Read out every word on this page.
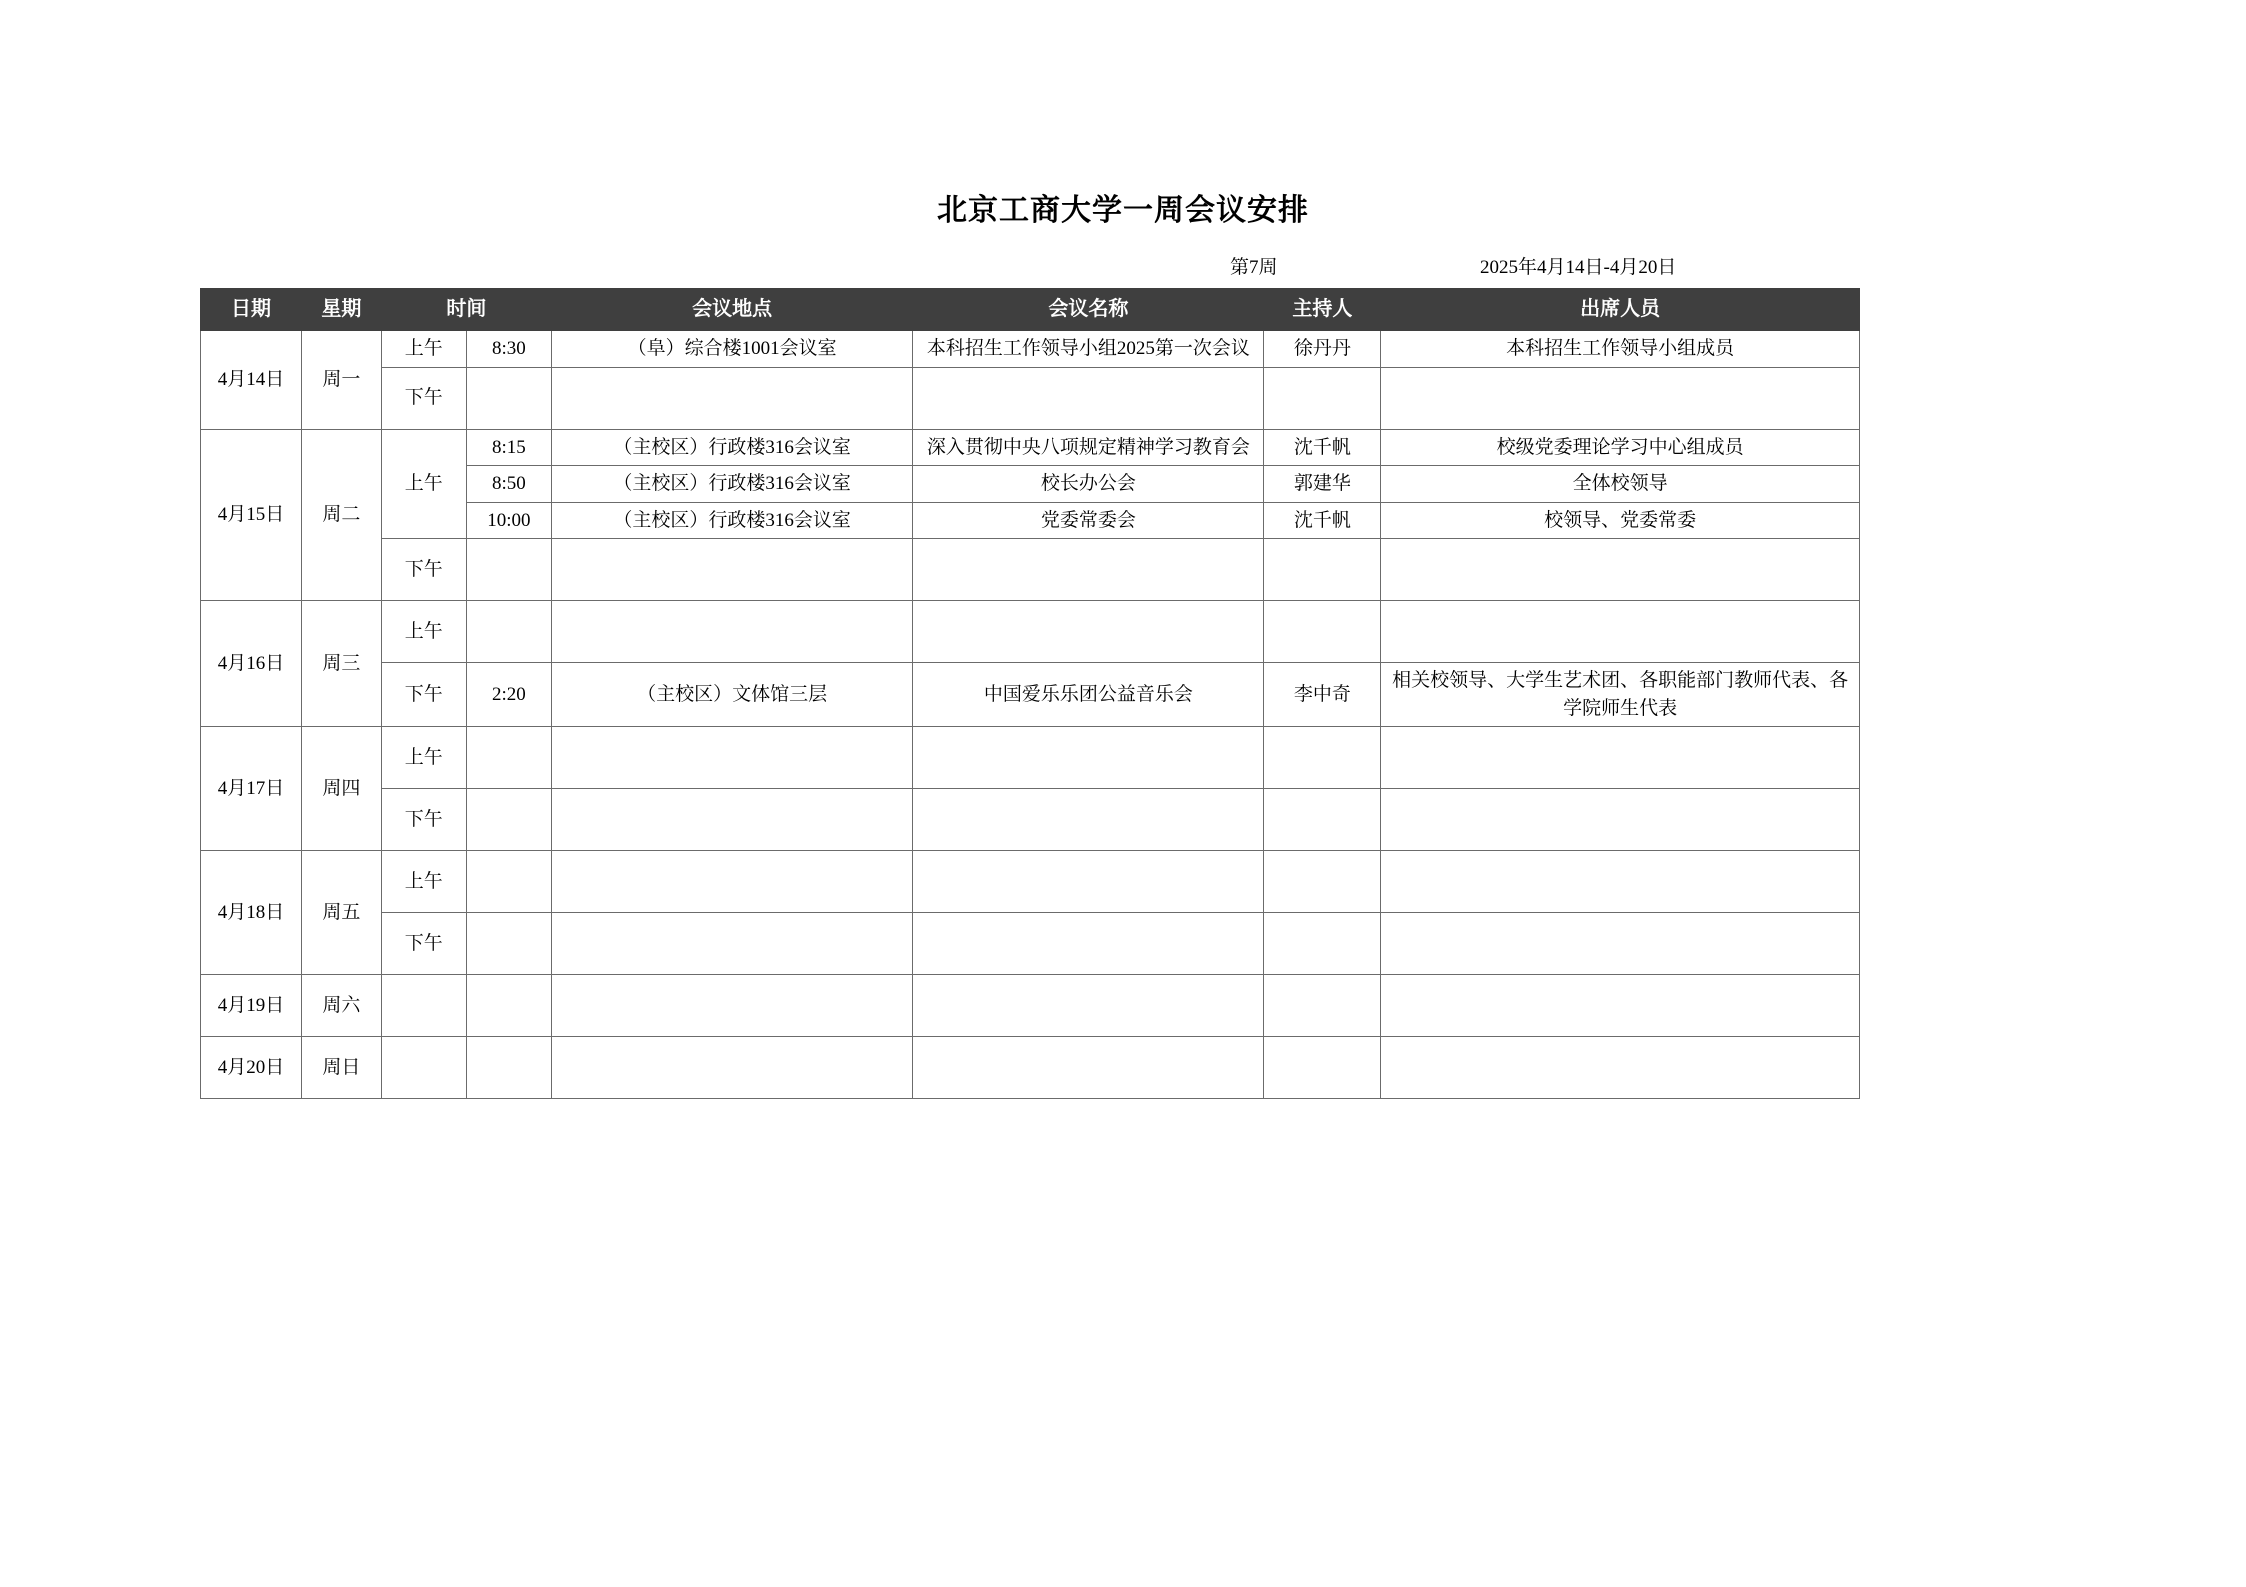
北京工商大学一周会议安排
第7周	2025年4月14日-4月20日
日期	星期	时间		会议地点	会议名称	主持人	出席人员
4月14日	周一	上午	8:30	（阜）综合楼1001会议室	本科招生工作领导小组2025第一次会议	徐丹丹	本科招生工作领导小组成员
		下午					
4月15日	周二	上午	8:15	（主校区）行政楼316会议室	深入贯彻中央八项规定精神学习教育会	沈千帆	校级党委理论学习中心组成员
			8:50	（主校区）行政楼316会议室	校长办公会	郭建华	全体校领导
			10:00	（主校区）行政楼316会议室	党委常委会	沈千帆	校领导、党委常委
		下午					
4月16日	周三	上午					
		下午	2:20	（主校区）文体馆三层	中国爱乐乐团公益音乐会	李中奇	相关校领导、大学生艺术团、各职能部门教师代表、各学院师生代表
4月17日	周四	上午					
		下午					
4月18日	周五	上午					
		下午					
4月19日	周六						
4月20日	周日						
